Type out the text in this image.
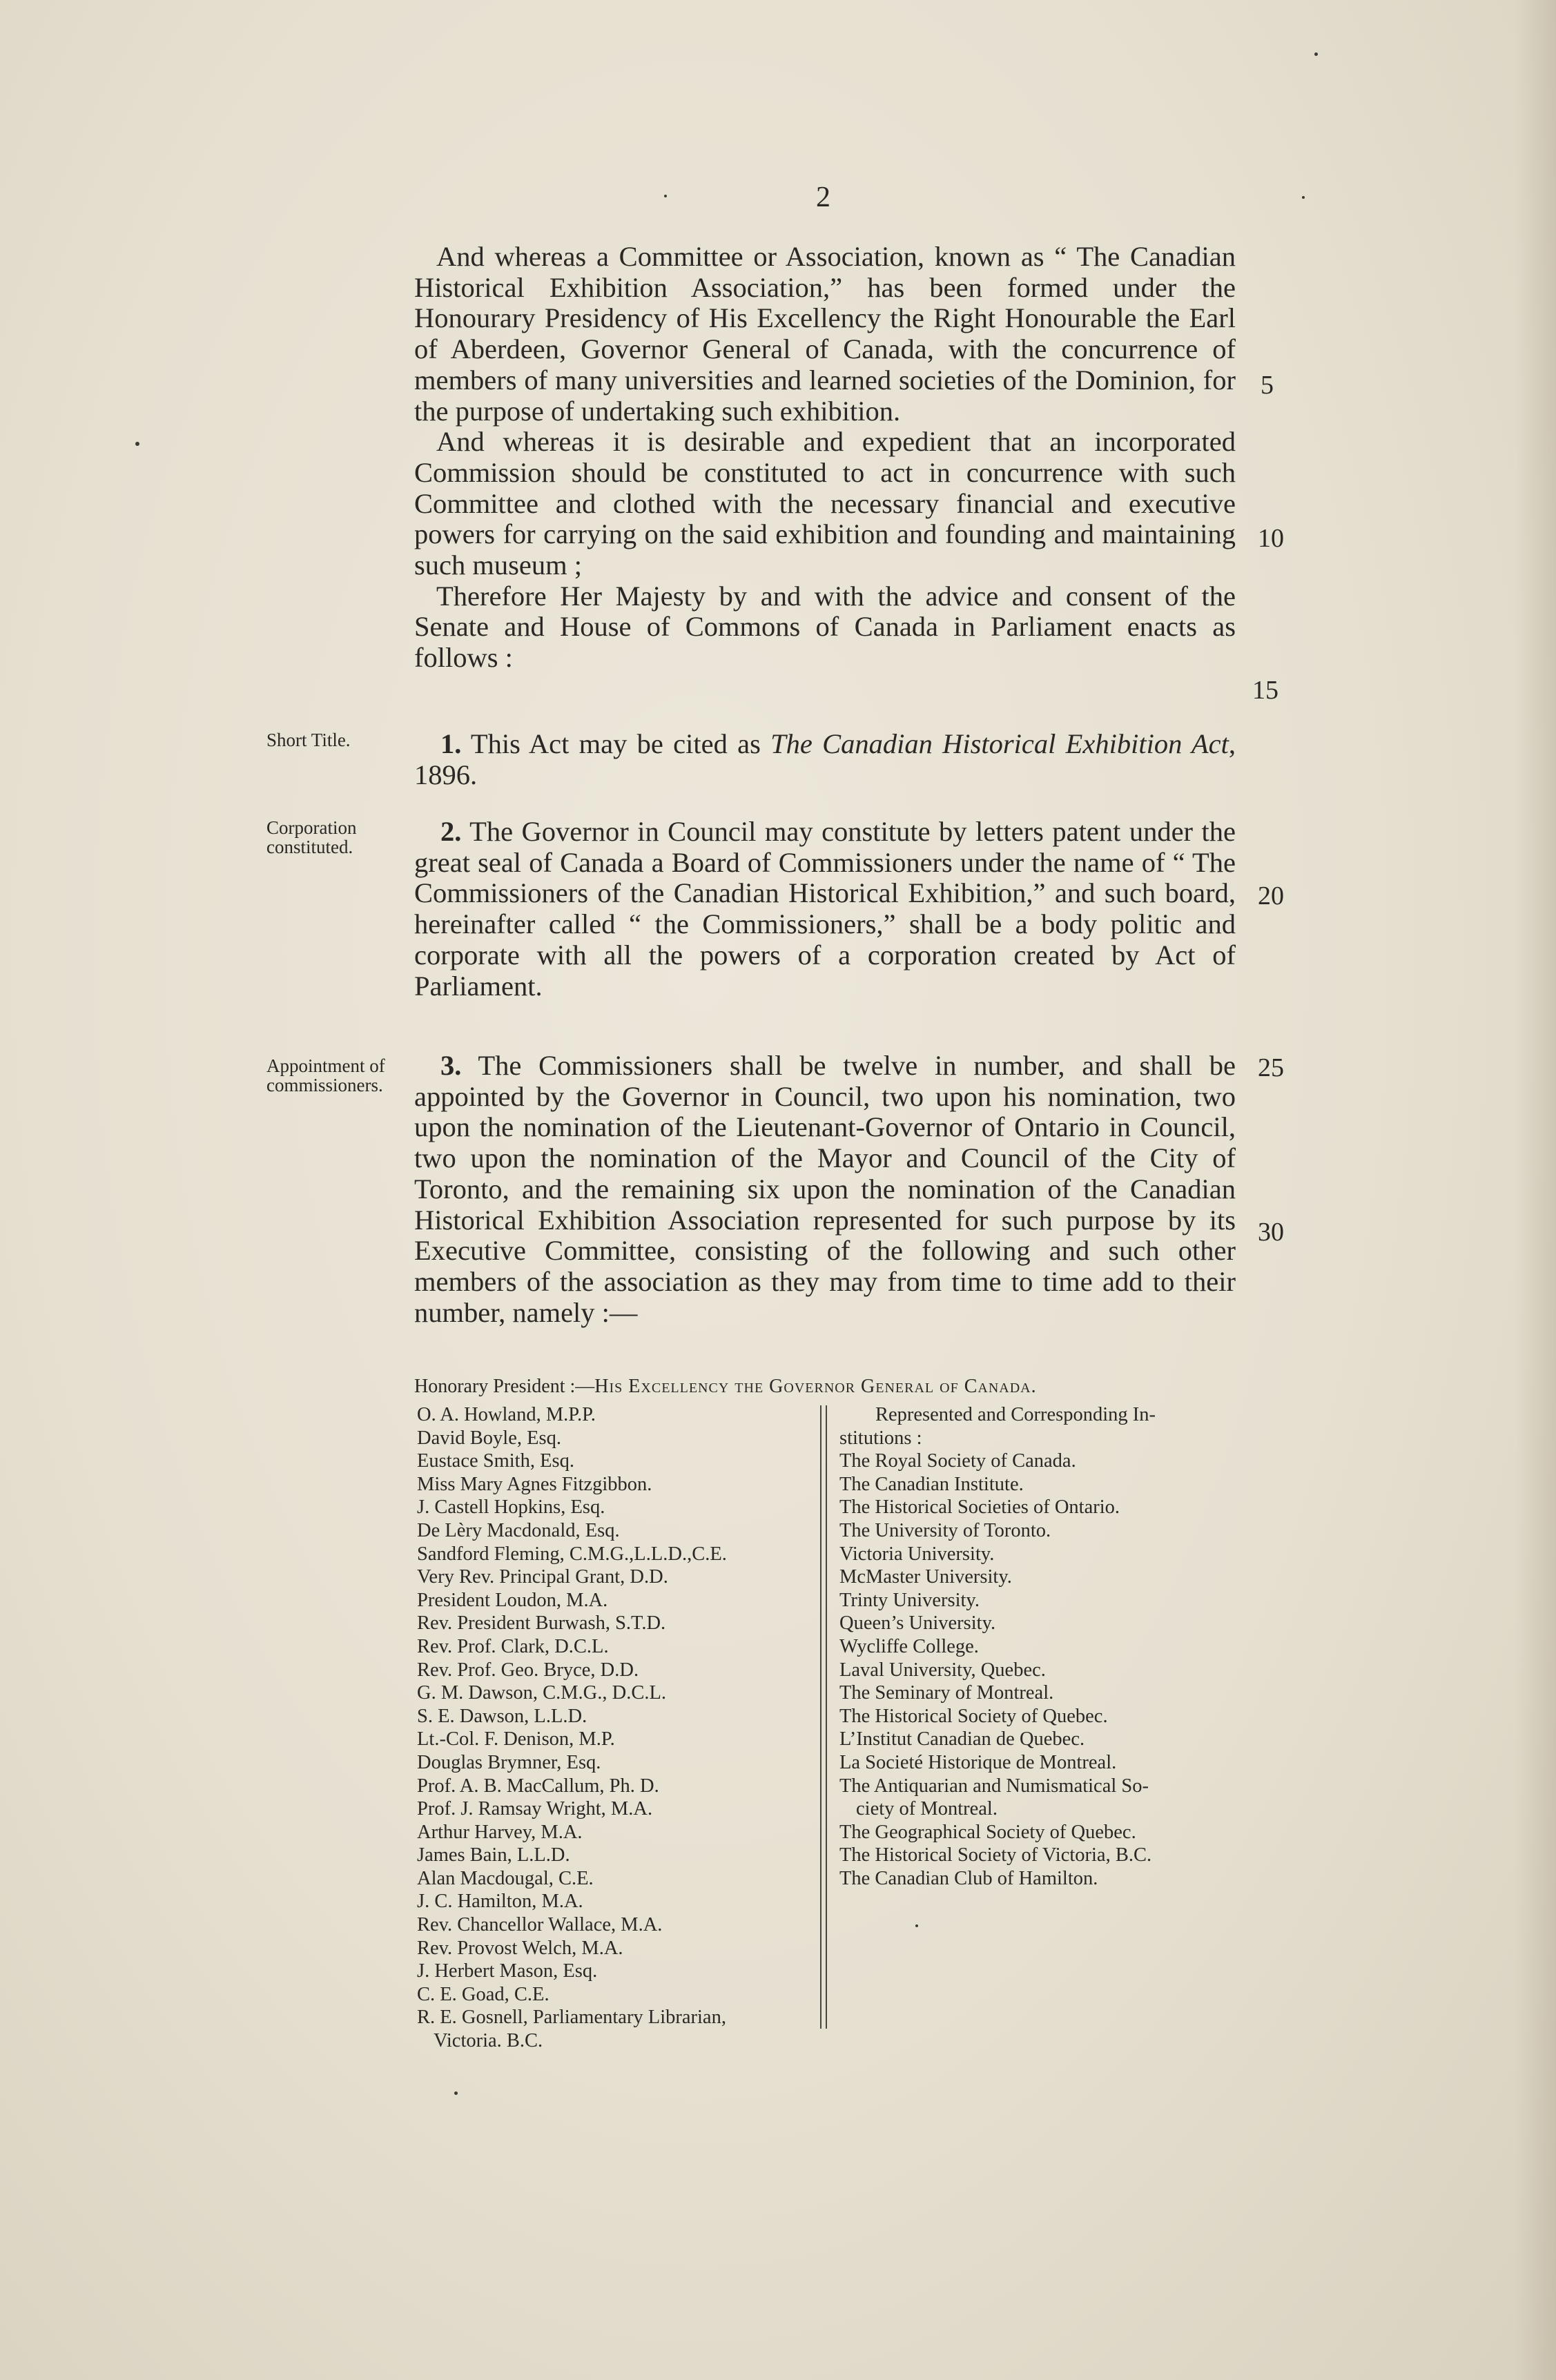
2

And whereas a Committee or Association, known as “ The Canadian Historical Exhibition Association,” has been formed under the Honourary Presidency of His Excellency the Right Honourable the Earl of Aberdeen, Governor General of Canada, with the concurrence of members of many universities and learned societies of the Dominion, for the purpose of undertaking such exhibition.

And whereas it is desirable and expedient that an incorporated Commission should be constituted to act in concurrence with such Committee and clothed with the necessary financial and executive powers for carrying on the said exhibition and founding and maintaining such museum ;

Therefore Her Majesty by and with the advice and consent of the Senate and House of Commons of Canada in Parliament enacts as follows :

Short Title.	1. This Act may be cited as The Canadian Historical Exhibition Act, 1896.

Corporation constituted.	2. The Governor in Council may constitute by letters patent under the great seal of Canada a Board of Commissioners under the name of “ The Commissioners of the Canadian Historical Exhibition,” and such board, hereinafter called “ the Commissioners,” shall be a body politic and corporate with all the powers of a corporation created by Act of Parliament.

Appointment of commissioners.

3. The Commissioners shall be twelve in number, and shall be appointed by the Governor in Council, two upon his nomination, two upon the nomination of the Lieutenant-Governor of Ontario in Council, two upon the nomination of the Mayor and Council of the City of Toronto, and the remaining six upon the nomination of the Canadian Historical Exhibition Association represented for such purpose by its Executive Committee, consisting of the following and such other members of the association as they may from time to time add to their number, namely :—

5
10
15
20
25
30
Honorary President :—His Excellency the Governor General of Canada.
O. A. Howland, M.P.P.
David Boyle, Esq.
Eustace Smith, Esq.
Miss Mary Agnes Fitzgibbon.
J. Castell Hopkins, Esq.
De Lèry Macdonald, Esq.
Sandford Fleming, C.M.G.,L.L.D.,C.E.
Very Rev. Principal Grant, D.D.
President Loudon, M.A.
Rev. President Burwash, S.T.D.
Rev. Prof. Clark, D.C.L.
Rev. Prof. Geo. Bryce, D.D.
G. M. Dawson, C.M.G., D.C.L.
S. E. Dawson, L.L.D.
Lt.-Col. F. Denison, M.P.
Douglas Brymner, Esq.
Prof. A. B. MacCallum, Ph. D.
Prof. J. Ramsay Wright, M.A.
Arthur Harvey, M.A.
James Bain, L.L.D.
Alan Macdougal, C.E.
J. C. Hamilton, M.A.
Rev. Chancellor Wallace, M.A.
Rev. Provost Welch, M.A.
J. Herbert Mason, Esq.
C. E. Goad, C.E.
R. E. Gosnell, Parliamentary Librarian,
Victoria. B.C.
Represented and Corresponding In-
stitutions :
The Royal Society of Canada.
The Canadian Institute.
The Historical Societies of Ontario.
The University of Toronto.
Victoria University.
McMaster University.
Trinty University.
Queen’s University.
Wycliffe College.
Laval University, Quebec.
The Seminary of Montreal.
The Historical Society of Quebec.
L’Institut Canadian de Quebec.
La Societé Historique de Montreal.
The Antiquarian and Numismatical So-
ciety of Montreal.
The Geographical Society of Quebec.
The Historical Society of Victoria, B.C.
The Canadian Club of Hamilton.
